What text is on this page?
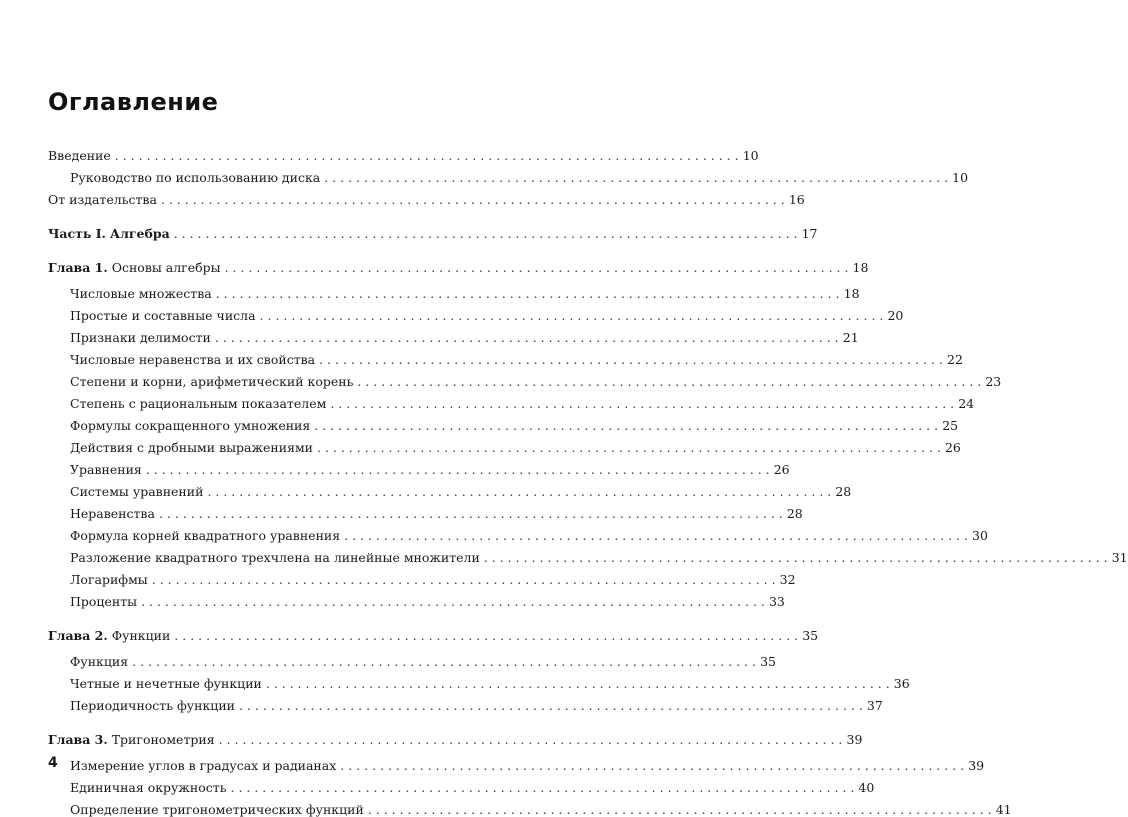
Оглавление
Введение . . .	10
Руководство по использованию диска . . .	10
От издательства . . .	16
Часть I. Алгебра . . .	17
Глава 1. Основы алгебры . . .	18
Числовые множества . . .	18
Простые и составные числа . . .	20
Признаки делимости . . .	21
Числовые неравенства и их свойства . . .	22
Степени и корни, арифметический корень . . .	23
Степень с рациональным показателем . . .	24
Формулы сокращенного умножения . . .	25
Действия с дробными выражениями . . .	26
Уравнения . . .	26
Системы уравнений . . .	28
Неравенства . . .	28
Формула корней квадратного уравнения . . .	30
Разложение квадратного трехчлена на линейные множители . . .	31
Логарифмы . . .	32
Проценты . . .	33
Глава 2. Функции . . .	35
Функция . . .	35
Четные и нечетные функции . . .	36
Периодичность функции . . .	37
Глава 3. Тригонометрия . . .	39
Измерение углов в градусах и радианах . . .	39
Единичная окружность . . .	40
Определение тригонометрических функций . . .	41
4
